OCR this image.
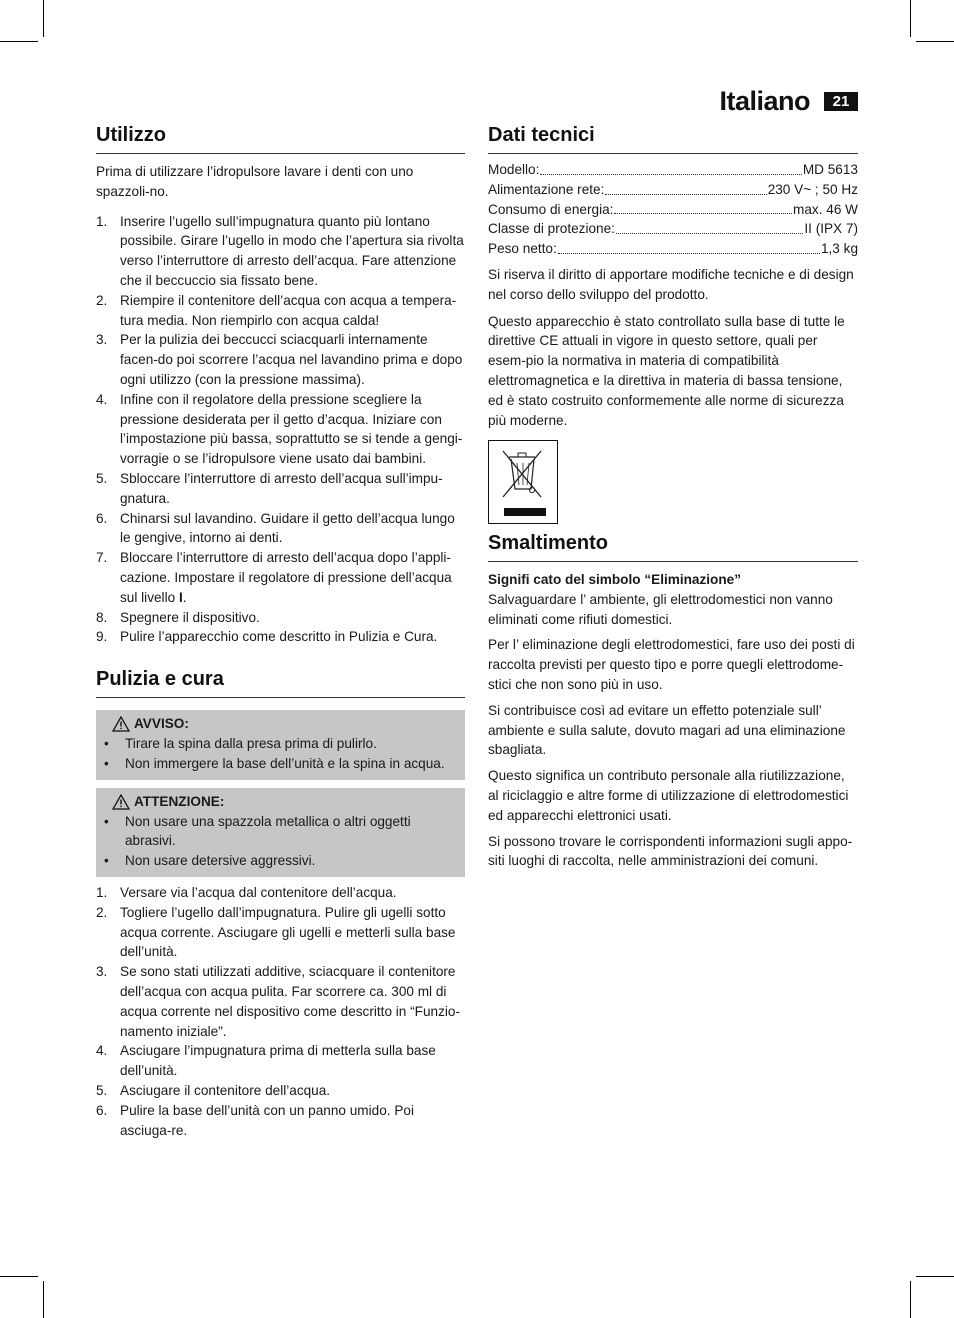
Italiano	21
Utilizzo

Prima di utilizzare l’idropulsore lavare i denti con uno spazzoli-no.

1. Inserire l’ugello sull’impugnatura quanto più lontano possibile. Girare l’ugello in modo che l’apertura sia rivolta verso l’interruttore di arresto dell’acqua. Fare attenzione che il beccuccio sia fissato bene.
2. Riempire il contenitore dell’acqua con acqua a tempera-tura media. Non riempirlo con acqua calda!
3. Per la pulizia dei beccucci sciacquarli internamente facen-do poi scorrere l’acqua nel lavandino prima e dopo ogni utilizzo (con la pressione massima).
4. Infine con il regolatore della pressione scegliere la pressione desiderata per il getto d’acqua. Iniziare con l’impostazione più bassa, soprattutto se si tende a gengi-vorragie o se l’idropulsore viene usato dai bambini.
5. Sbloccare l’interruttore di arresto dell’acqua sull’impu-gnatura.
6. Chinarsi sul lavandino. Guidare il getto dell’acqua lungo le gengive, intorno ai denti.
7. Bloccare l’interruttore di arresto dell’acqua dopo l’appli-cazione. Impostare il regolatore di pressione dell’acqua sul livello I.
8. Spegnere il dispositivo.
9. Pulire l’apparecchio come descritto in Pulizia e Cura.
Pulizia e cura
AVVISO:
• Tirare la spina dalla presa prima di pulirlo.
• Non immergere la base dell’unità e la spina in acqua.
ATTENZIONE:
• Non usare una spazzola metallica o altri oggetti abrasivi.
• Non usare detersive aggressivi.
1. Versare via l’acqua dal contenitore dell’acqua.
2. Togliere l’ugello dall’impugnatura. Pulire gli ugelli sotto acqua corrente. Asciugare gli ugelli e metterli sulla base dell’unità.
3. Se sono stati utilizzati additive, sciacquare il contenitore dell’acqua con acqua pulita. Far scorrere ca. 300 ml di acqua corrente nel dispositivo come descritto in “Funzio-namento iniziale”.
4. Asciugare l’impugnatura prima di metterla sulla base dell’unità.
5. Asciugare il contenitore dell’acqua.
6. Pulire la base dell’unità con un panno umido. Poi asciuga-re.
Dati tecnici
Modello:	MD 5613
Alimentazione rete:	230 V~ ; 50 Hz
Consumo di energia:	max. 46 W
Classe di protezione:	II (IPX 7)
Peso netto:	1,3 kg

Si riserva il diritto di apportare modifiche tecniche e di design nel corso dello sviluppo del prodotto.

Questo apparecchio è stato controllato sulla base di tutte le direttive CE attuali in vigore in questo settore, quali per esem-pio la normativa in materia di compatibilità elettromagnetica e la direttiva in materia di bassa tensione, ed è stato costruito conformemente alle norme di sicurezza più moderne.

Smaltimento
Signifi cato del simbolo “Eliminazione”

Salvaguardare l’ ambiente, gli elettrodomestici non vanno eliminati come rifiuti domestici.

Per l’ eliminazione degli elettrodomestici, fare uso dei posti di raccolta previsti per questo tipo e porre quegli elettrodome-stici che non sono più in uso.

Si contribuisce così ad evitare un effetto potenziale sull’ ambiente e sulla salute, dovuto magari ad una eliminazione sbagliata.

Questo significa un contributo personale alla riutilizzazione, al riciclaggio e altre forme di utilizzazione di elettrodomestici ed apparecchi elettronici usati.

Si possono trovare le corrispondenti informazioni sugli appo-siti luoghi di raccolta, nelle amministrazioni dei comuni.
